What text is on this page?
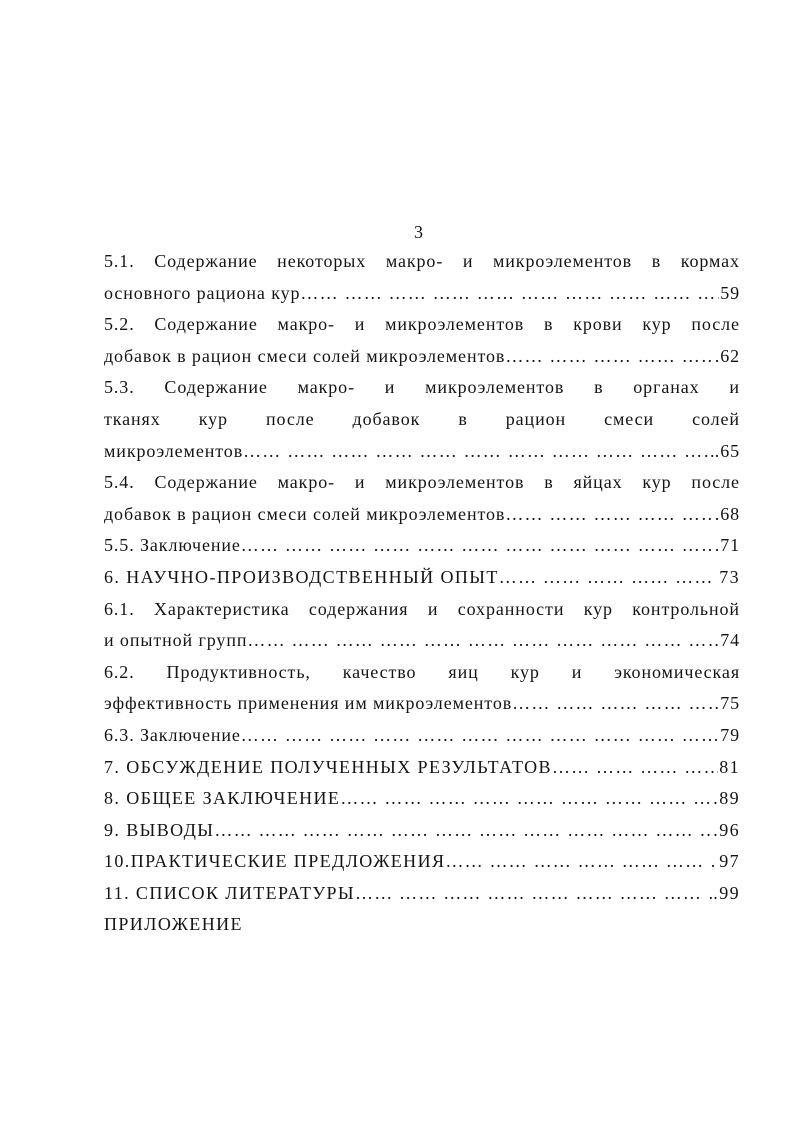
3
5.1. Содержание некоторых макро- и микроэлементов в кормах
основного рациона кур …… …… …… …… …… …… …… …… …… …… …… …… …… …… …… …… …… …… …… …… …… …… …… …… …… …… …… …… …… ……	59
5.2. Содержание макро- и микроэлементов в крови кур после
добавок в рацион смеси солей микроэлементов …… …… …… …… …… …… …… …… …… …… …… …… …… …… …… …… …… …… …… …… …… …… …… …… …… …… …… …… …… ……	.62
5.3. Содержание макро- и микроэлементов в органах и
тканях кур после добавок в рацион смеси солей
микроэлементов …… …… …… …… …… …… …… …… …… …… …… …… …… …… …… …… …… …… …… …… …… …… …… …… …… …… …… …… …… ……	.65
5.4. Содержание макро- и микроэлементов в яйцах кур после
добавок в рацион смеси солей микроэлементов …… …… …… …… …… …… …… …… …… …… …… …… …… …… …… …… …… …… …… …… …… …… …… …… …… …… …… …… …… ……	.68
5.5. Заключение …… …… …… …… …… …… …… …… …… …… …… …… …… …… …… …… …… …… …… …… …… …… …… …… …… …… …… …… …… ……	.71
6. НАУЧНО-ПРОИЗВОДСТВЕННЫЙ ОПЫТ …… …… …… …… …… …… …… …… …… …… …… …… …… …… …… …… …… …… …… …… …… …… …… …… …… …… …… …… …… ……	73
6.1. Характеристика содержания и сохранности кур контрольной
и опытной групп …… …… …… …… …… …… …… …… …… …… …… …… …… …… …… …… …… …… …… …… …… …… …… …… …… …… …… …… …… ……	74
6.2. Продуктивность, качество яиц кур и экономическая
эффективность применения им микроэлементов …… …… …… …… …… …… …… …… …… …… …… …… …… …… …… …… …… …… …… …… …… …… …… …… …… …… …… …… …… ……	75
6.3. Заключение …… …… …… …… …… …… …… …… …… …… …… …… …… …… …… …… …… …… …… …… …… …… …… …… …… …… …… …… …… ……	79
7. ОБСУЖДЕНИЕ ПОЛУЧЕННЫХ РЕЗУЛЬТАТОВ …… …… …… …… …… …… …… …… …… …… …… …… …… …… …… …… …… …… …… …… …… …… …… …… …… …… …… …… …… ……	81
8. ОБЩЕЕ ЗАКЛЮЧЕНИЕ …… …… …… …… …… …… …… …… …… …… …… …… …… …… …… …… …… …… …… …… …… …… …… …… …… …… …… …… …… ……	.89
9. ВЫВОДЫ …… …… …… …… …… …… …… …… …… …… …… …… …… …… …… …… …… …… …… …… …… …… …… …… …… …… …… …… …… ……	.96
10.ПРАКТИЧЕСКИЕ ПРЕДЛОЖЕНИЯ …… …… …… …… …… …… …… …… …… …… …… …… …… …… …… …… …… …… …… …… …… …… …… …… …… …… …… …… …… ……	97
11. СПИСОК ЛИТЕРАТУРЫ …… …… …… …… …… …… …… …… …… …… …… …… …… …… …… …… …… …… …… …… …… …… …… …… …… …… …… …… …… ……	.99
ПРИЛОЖЕНИЕ
